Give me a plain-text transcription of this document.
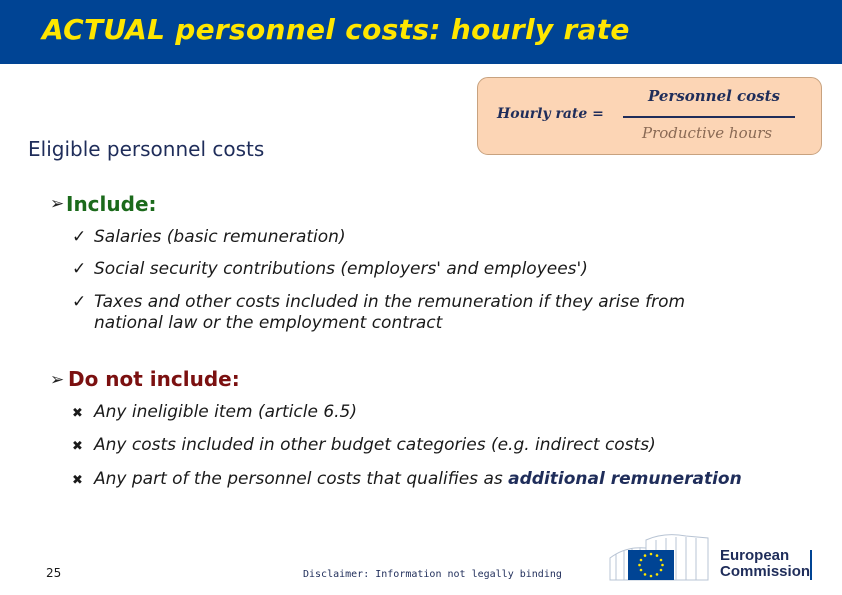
ACTUAL personnel costs: hourly rate
Hourly rate =
Personnel costs
Productive hours
Eligible personnel costs
➢ Include:
✓ Salaries (basic remuneration)
✓ Social security contributions (employers' and employees')
✓ Taxes and other costs included in the remuneration if they arise from
national law or the employment contract
➢ Do not include:
✖ Any ineligible item (article 6.5)
✖ Any costs included in other budget categories (e.g. indirect costs)
✖ Any part of the personnel costs that qualifies as additional remuneration
25	Disclaimer: Information not legally binding
European
Commission
